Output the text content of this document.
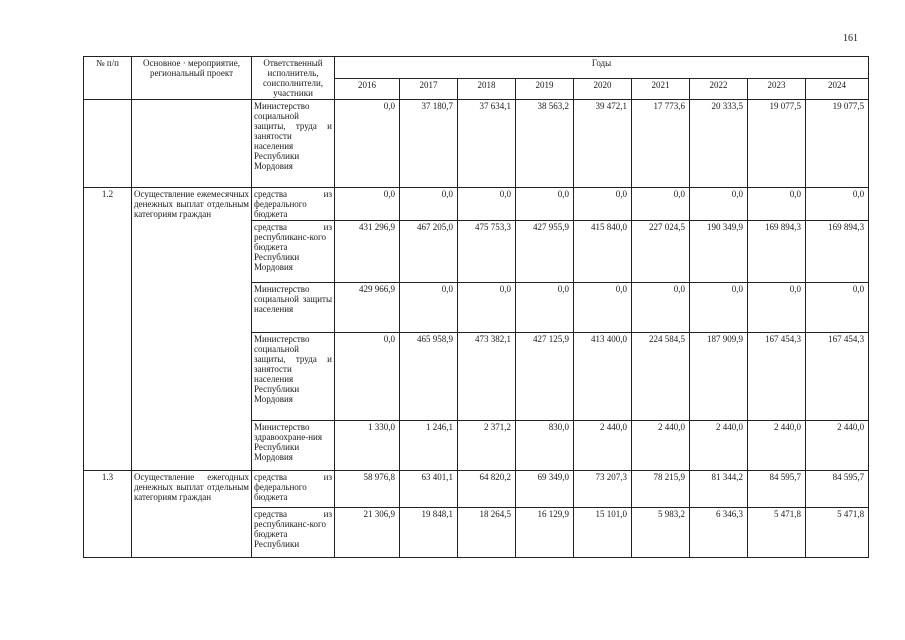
161
№ п/п	Основное · мероприятие, региональный проект	Ответственный исполнитель, соисполнители, участники	Годы								
			2016	2017	2018	2019	2020	2021	2022	2023	2024
		Министерство социальной защиты, труда и занятости населения Республики Мордовия	0,0	37 180,7	37 634,1	38 563,2	39 472,1	17 773,6	20 333,5	19 077,5	19 077,5
1.2	Осуществление ежемесячных денежных выплат отдельным категориям граждан	средства из федерального бюджета	0,0	0,0	0,0	0,0	0,0	0,0	0,0	0,0	0,0
		средства из республиканс-кого бюджета Республики Мордовия	431 296,9	467 205,0	475 753,3	427 955,9	415 840,0	227 024,5	190 349,9	169 894,3	169 894,3
		Министерство социальной защиты населения	429 966,9	0,0	0,0	0,0	0,0	0,0	0,0	0,0	0,0
		Министерство социальной защиты, труда и занятости населения Республики Мордовия	0,0	465 958,9	473 382,1	427 125,9	413 400,0	224 584,5	187 909,9	167 454,3	167 454,3
		Министерство здравоохране-ния Республики Мордовия	1 330,0	1 246,1	2 371,2	830,0	2 440,0	2 440,0	2 440,0	2 440,0	2 440,0
1.3	Осуществление ежегодных денежных выплат отдельным категориям граждан	средства из федерального бюджета	58 976,8	63 401,1	64 820,2	69 349,0	73 207,3	78 215,9	81 344,2	84 595,7	84 595,7
		средства из республиканс-кого бюджета Республики	21 306,9	19 848,1	18 264,5	16 129,9	15 101,0	5 983,2	6 346,3	5 471,8	5 471,8
